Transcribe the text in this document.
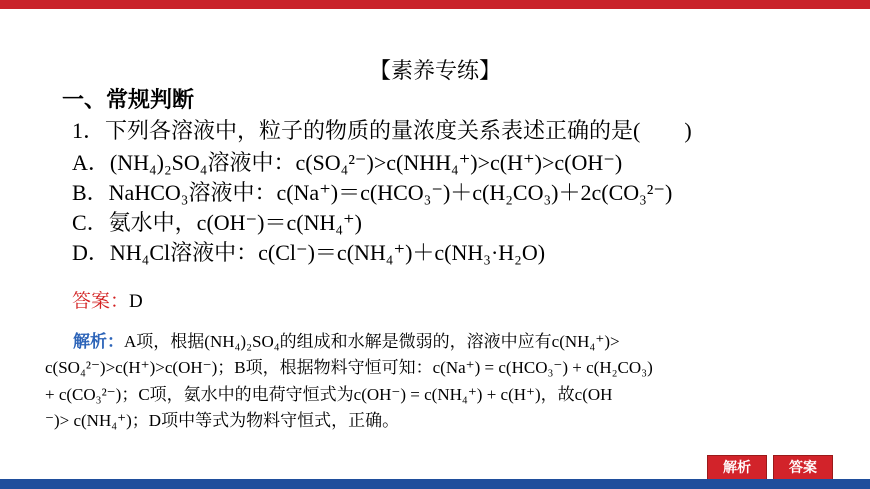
【素养专练】
一、常规判断
1．下列各溶液中，粒子的物质的量浓度关系表述正确的是(　　)
A．(NH₄)₂SO₄溶液中：c(SO₄²⁻)>c(NHH₄⁺)>c(H⁺)>c(OH⁻)
B．NaHCO₃溶液中：c(Na⁺)＝c(HCO₃⁻)＋c(H₂CO₃)＋2c(CO₃²⁻)
C．氨水中，c(OH⁻)＝c(NH₄⁺)
D．NH₄Cl溶液中：c(Cl⁻)＝c(NH₄⁺)＋c(NH₃·H₂O)
答案：D
解析：A项，根据(NH₄)₂SO₄的组成和水解是微弱的，溶液中应有c(NH₄⁺)>
c(SO₄²⁻)>c(H⁺)>c(OH⁻)；B项，根据物料守恒可知：c(Na⁺) = c(HCO₃⁻) + c(H₂CO₃)
+ c(CO₃²⁻)；C项，氨水中的电荷守恒式为c(OH⁻) = c(NH₄⁺) + c(H⁺)，故c(OH
⁻)> c(NH₄⁺)；D项中等式为物料守恒式，正确。
解析	答案
